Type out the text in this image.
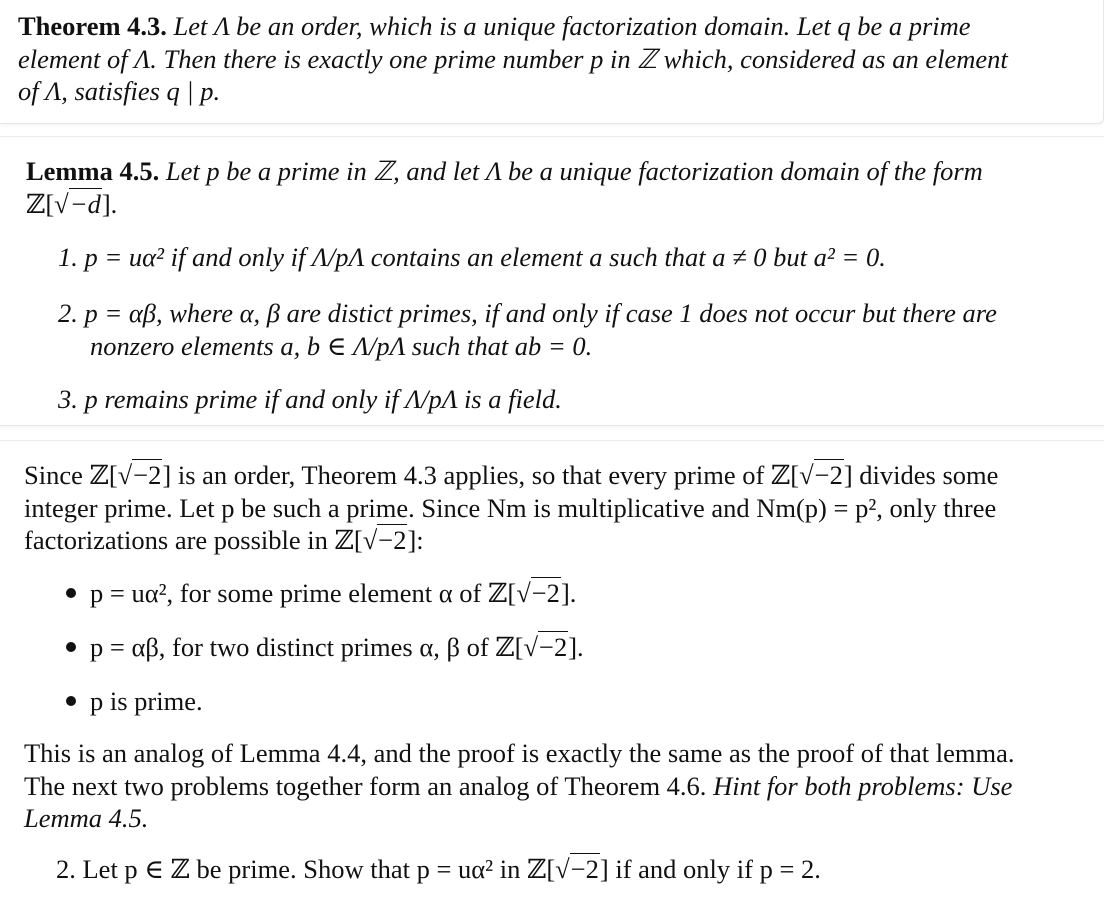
Theorem 4.3. Let Λ be an order, which is a unique factorization domain. Let q be a prime
element of Λ. Then there is exactly one prime number p in ℤ which, considered as an element
of Λ, satisfies q | p.

Lemma 4.5. Let p be a prime in ℤ, and let Λ be a unique factorization domain of the form
ℤ[√−d].

1. p = uα² if and only if Λ/pΛ contains an element a such that a ≠ 0 but a² = 0.
2. p = αβ, where α, β are distict primes, if and only if case 1 does not occur but there are
nonzero elements a, b ∈ Λ/pΛ such that ab = 0.
3. p remains prime if and only if Λ/pΛ is a field.

Since ℤ[√−2] is an order, Theorem 4.3 applies, so that every prime of ℤ[√−2] divides some
integer prime. Let p be such a prime. Since Nm is multiplicative and Nm(p) = p², only three
factorizations are possible in ℤ[√−2]:

p = uα², for some prime element α of ℤ[√−2].
p = αβ, for two distinct primes α, β of ℤ[√−2].
p is prime.

This is an analog of Lemma 4.4, and the proof is exactly the same as the proof of that lemma.
The next two problems together form an analog of Theorem 4.6. Hint for both problems: Use
Lemma 4.5.

2. Let p ∈ ℤ be prime. Show that p = uα² in ℤ[√−2] if and only if p = 2.
